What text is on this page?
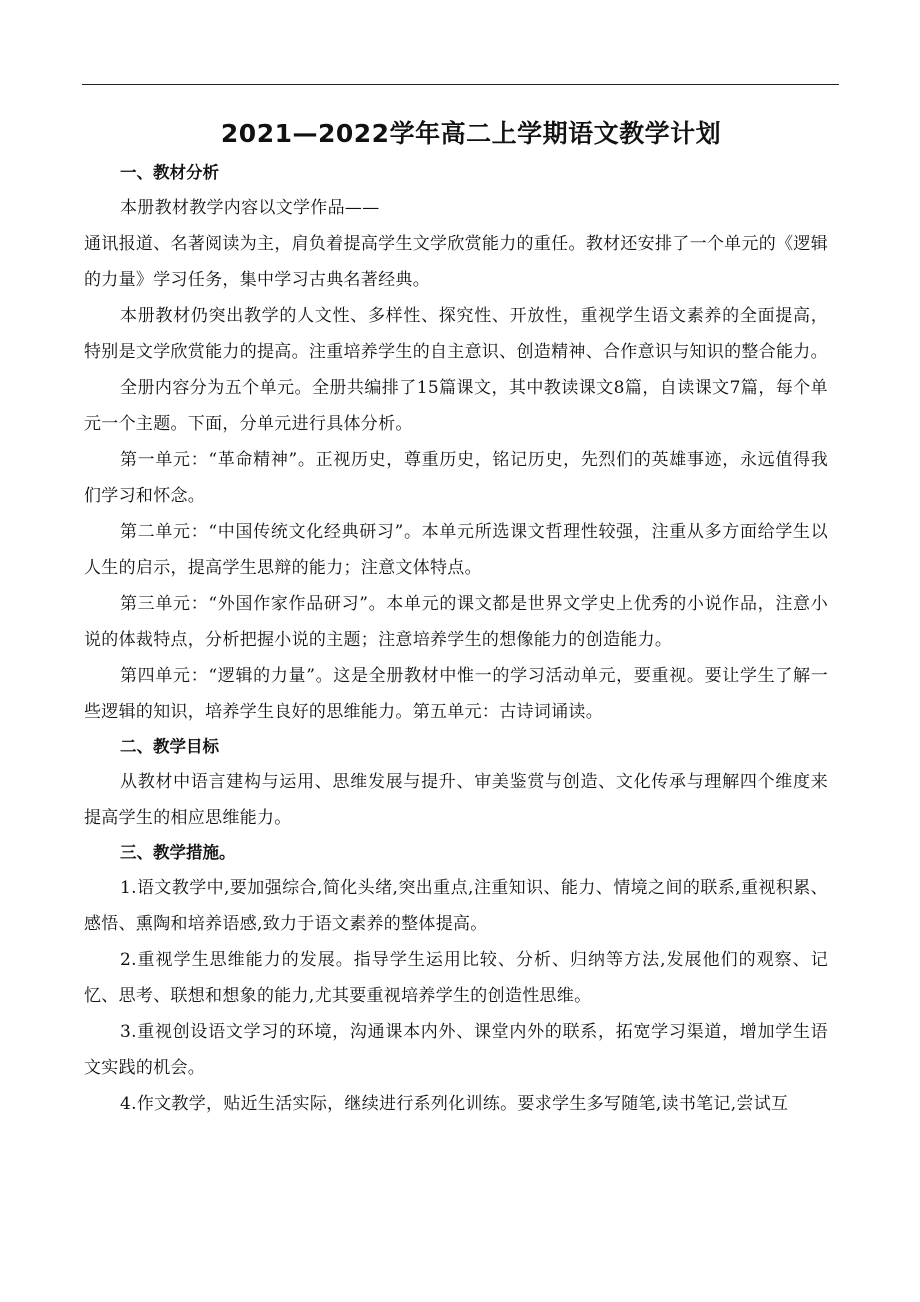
2021—2022学年高二上学期语文教学计划
一、教材分析

本册教材教学内容以文学作品——

通讯报道、名著阅读为主，肩负着提高学生文学欣赏能力的重任。教材还安排了一个单元的《逻辑的力量》学习任务，集中学习古典名著经典。

本册教材仍突出教学的人文性、多样性、探究性、开放性，重视学生语文素养的全面提高，特别是文学欣赏能力的提高。注重培养学生的自主意识、创造精神、合作意识与知识的整合能力。

全册内容分为五个单元。全册共编排了15篇课文，其中教读课文8篇，自读课文7篇，每个单元一个主题。下面，分单元进行具体分析。

第一单元：“革命精神”。正视历史，尊重历史，铭记历史，先烈们的英雄事迹，永远值得我们学习和怀念。

第二单元：“中国传统文化经典研习”。本单元所选课文哲理性较强，注重从多方面给学生以人生的启示，提高学生思辩的能力；注意文体特点。

第三单元：“外国作家作品研习”。本单元的课文都是世界文学史上优秀的小说作品，注意小说的体裁特点，分析把握小说的主题；注意培养学生的想像能力的创造能力。

第四单元：“逻辑的力量”。这是全册教材中惟一的学习活动单元，要重视。要让学生了解一些逻辑的知识，培养学生良好的思维能力。第五单元：古诗词诵读。

二、教学目标

从教材中语言建构与运用、思维发展与提升、审美鉴赏与创造、文化传承与理解四个维度来提高学生的相应思维能力。

三、教学措施。

1.语文教学中,要加强综合,简化头绪,突出重点,注重知识、能力、情境之间的联系,重视积累、感悟、熏陶和培养语感,致力于语文素养的整体提高。

2.重视学生思维能力的发展。指导学生运用比较、分析、归纳等方法,发展他们的观察、记忆、思考、联想和想象的能力,尤其要重视培养学生的创造性思维。

3.重视创设语文学习的环境，沟通课本内外、课堂内外的联系，拓宽学习渠道，增加学生语文实践的机会。

4.作文教学，贴近生活实际，继续进行系列化训练。要求学生多写随笔,读书笔记,尝试互
